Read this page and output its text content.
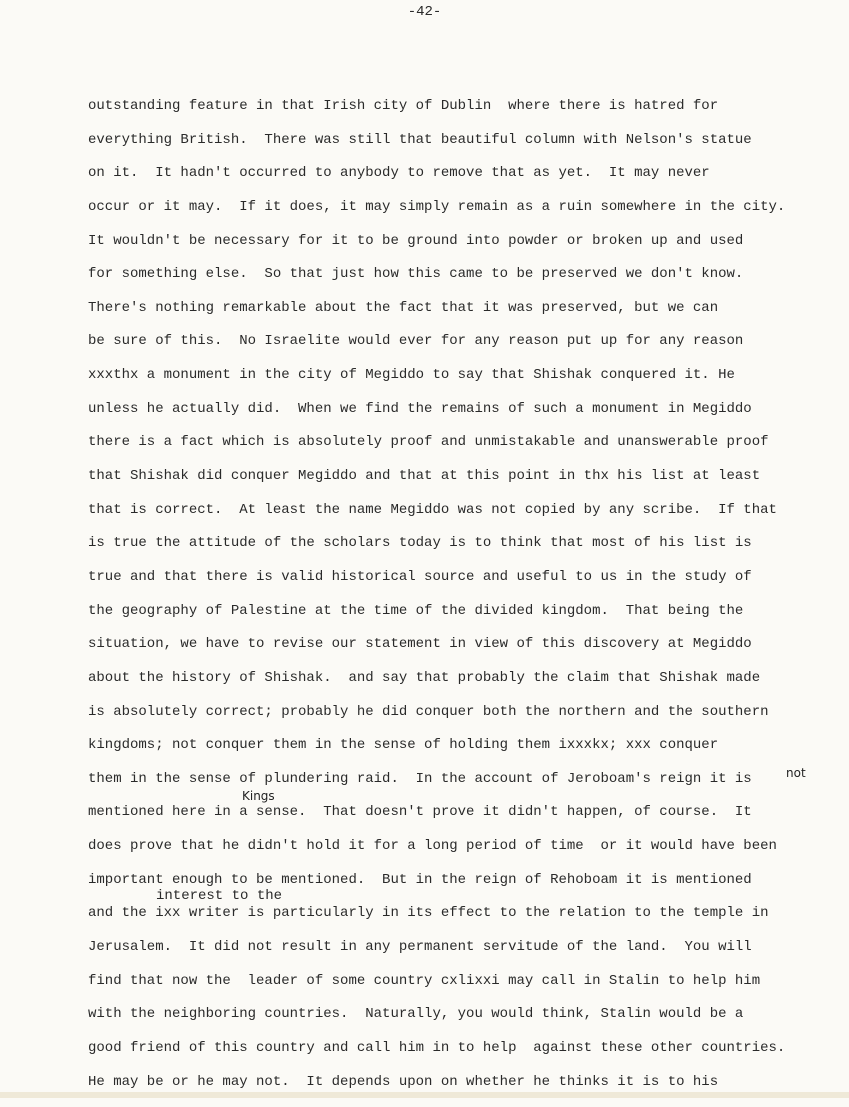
-42-
outstanding feature in that Irish city of Dublin  where there is hatred for
everything British.  There was still that beautiful column with Nelson's statue
on it.  It hadn't occurred to anybody to remove that as yet.  It may never
occur or it may.  If it does, it may simply remain as a ruin somewhere in the city.
It wouldn't be necessary for it to be ground into powder or broken up and used
for something else.  So that just how this came to be preserved we don't know.
There's nothing remarkable about the fact that it was preserved, but we can
be sure of this.  No Israelite would ever for any reason put up for any reason
xxxthx a monument in the city of Megiddo to say that Shishak conquered it. He
unless he actually did.  When we find the remains of such a monument in Megiddo
there is a fact which is absolutely proof and unmistakable and unanswerable proof
that Shishak did conquer Megiddo and that at this point in thx his list at least
that is correct.  At least the name Megiddo was not copied by any scribe.  If that
is true the attitude of the scholars today is to think that most of his list is
true and that there is valid historical source and useful to us in the study of
the geography of Palestine at the time of the divided kingdom.  That being the
situation, we have to revise our statement in view of this discovery at Megiddo
about the history of Shishak.  and say that probably the claim that Shishak made
is absolutely correct; probably he did conquer both the northern and the southern
kingdoms; not conquer them in the sense of holding them ixxxkx; xxx conquer
them in the sense of plundering raid.  In the account of Jeroboam's reign it is
mentioned here in a sense.  That doesn't prove it didn't happen, of course.  It
does prove that he didn't hold it for a long period of time  or it would have been
important enough to be mentioned.  But in the reign of Rehoboam it is mentioned
and the ixx writer is particularly in its effect to the relation to the temple in
Jerusalem.  It did not result in any permanent servitude of the land.  You will
find that now the  leader of some country cxlixxi may call in Stalin to help him
with the neighboring countries.  Naturally, you would think, Stalin would be a
good friend of this country and call him in to help  against these other countries.
He may be or he may not.  It depends upon on whether he thinks it is to his
interest to the
not
Kings
